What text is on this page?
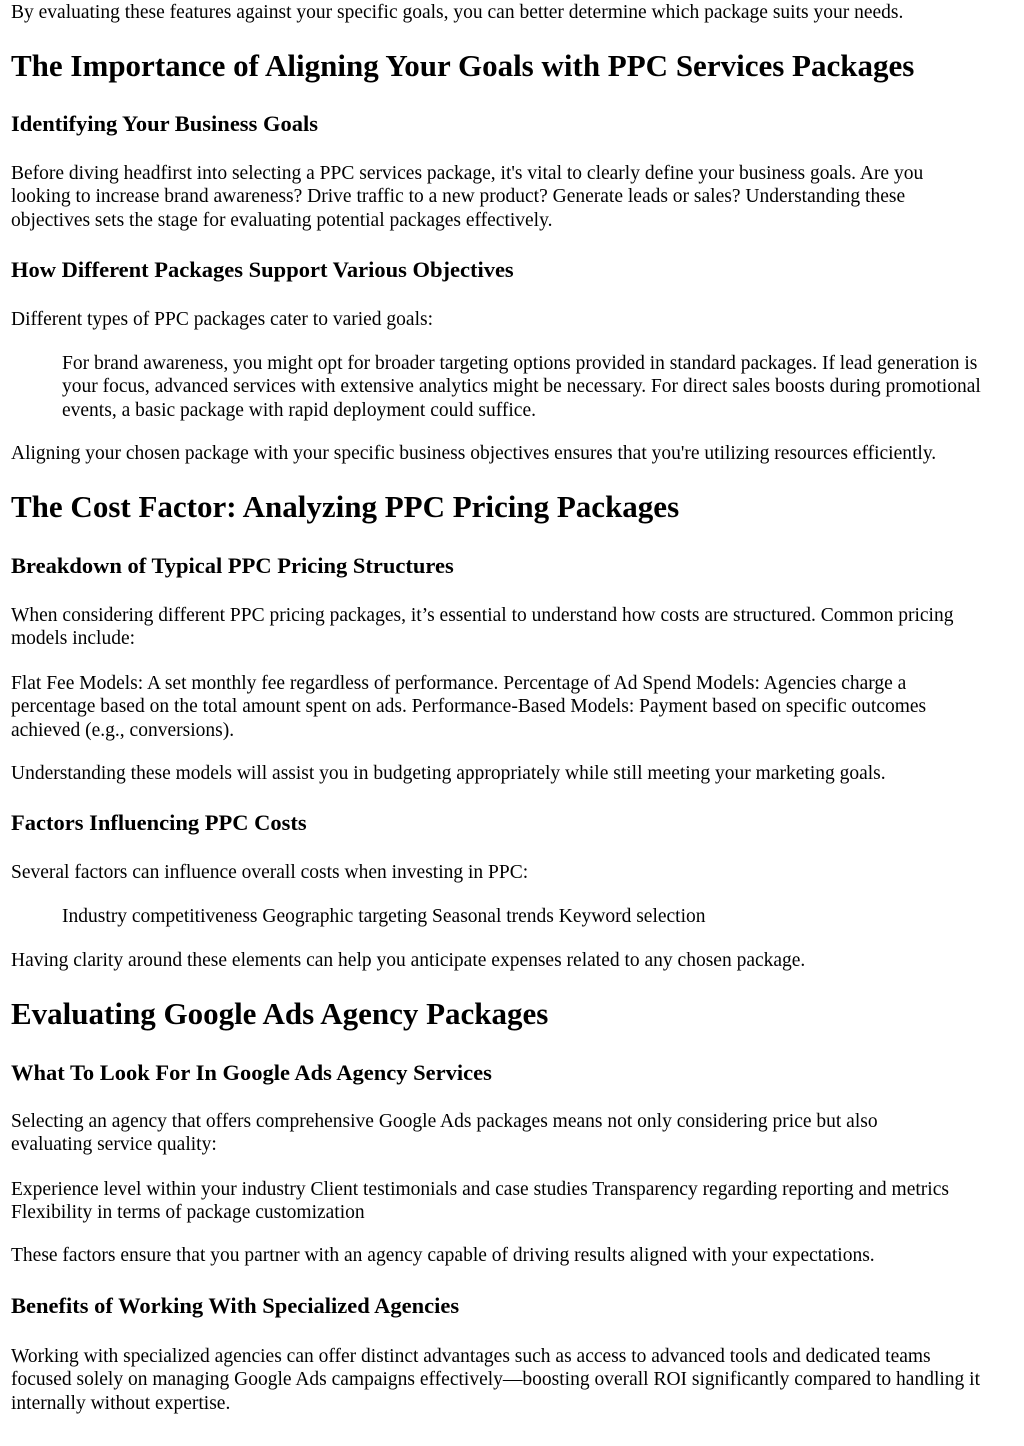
By evaluating these features against your specific goals, you can better determine which package suits your needs.

The Importance of Aligning Your Goals with PPC Services Packages
Identifying Your Business Goals

Before diving headfirst into selecting a PPC services package, it's vital to clearly define your business goals. Are you looking to increase brand awareness? Drive traffic to a new product? Generate leads or sales? Understanding these objectives sets the stage for evaluating potential packages effectively.

How Different Packages Support Various Objectives

Different types of PPC packages cater to varied goals:

For brand awareness, you might opt for broader targeting options provided in standard packages. If lead generation is your focus, advanced services with extensive analytics might be necessary. For direct sales boosts during promotional events, a basic package with rapid deployment could suffice.

Aligning your chosen package with your specific business objectives ensures that you're utilizing resources efficiently.

The Cost Factor: Analyzing PPC Pricing Packages
Breakdown of Typical PPC Pricing Structures

When considering different PPC pricing packages, it’s essential to understand how costs are structured. Common pricing models include:

Flat Fee Models: A set monthly fee regardless of performance. Percentage of Ad Spend Models: Agencies charge a percentage based on the total amount spent on ads. Performance-Based Models: Payment based on specific outcomes achieved (e.g., conversions).

Understanding these models will assist you in budgeting appropriately while still meeting your marketing goals.

Factors Influencing PPC Costs

Several factors can influence overall costs when investing in PPC:

Industry competitiveness Geographic targeting Seasonal trends Keyword selection

Having clarity around these elements can help you anticipate expenses related to any chosen package.

Evaluating Google Ads Agency Packages
What To Look For In Google Ads Agency Services

Selecting an agency that offers comprehensive Google Ads packages means not only considering price but also evaluating service quality:

Experience level within your industry Client testimonials and case studies Transparency regarding reporting and metrics Flexibility in terms of package customization

These factors ensure that you partner with an agency capable of driving results aligned with your expectations.

Benefits of Working With Specialized Agencies

Working with specialized agencies can offer distinct advantages such as access to advanced tools and dedicated teams focused solely on managing Google Ads campaigns effectively—boosting overall ROI significantly compared to handling it internally without expertise.
